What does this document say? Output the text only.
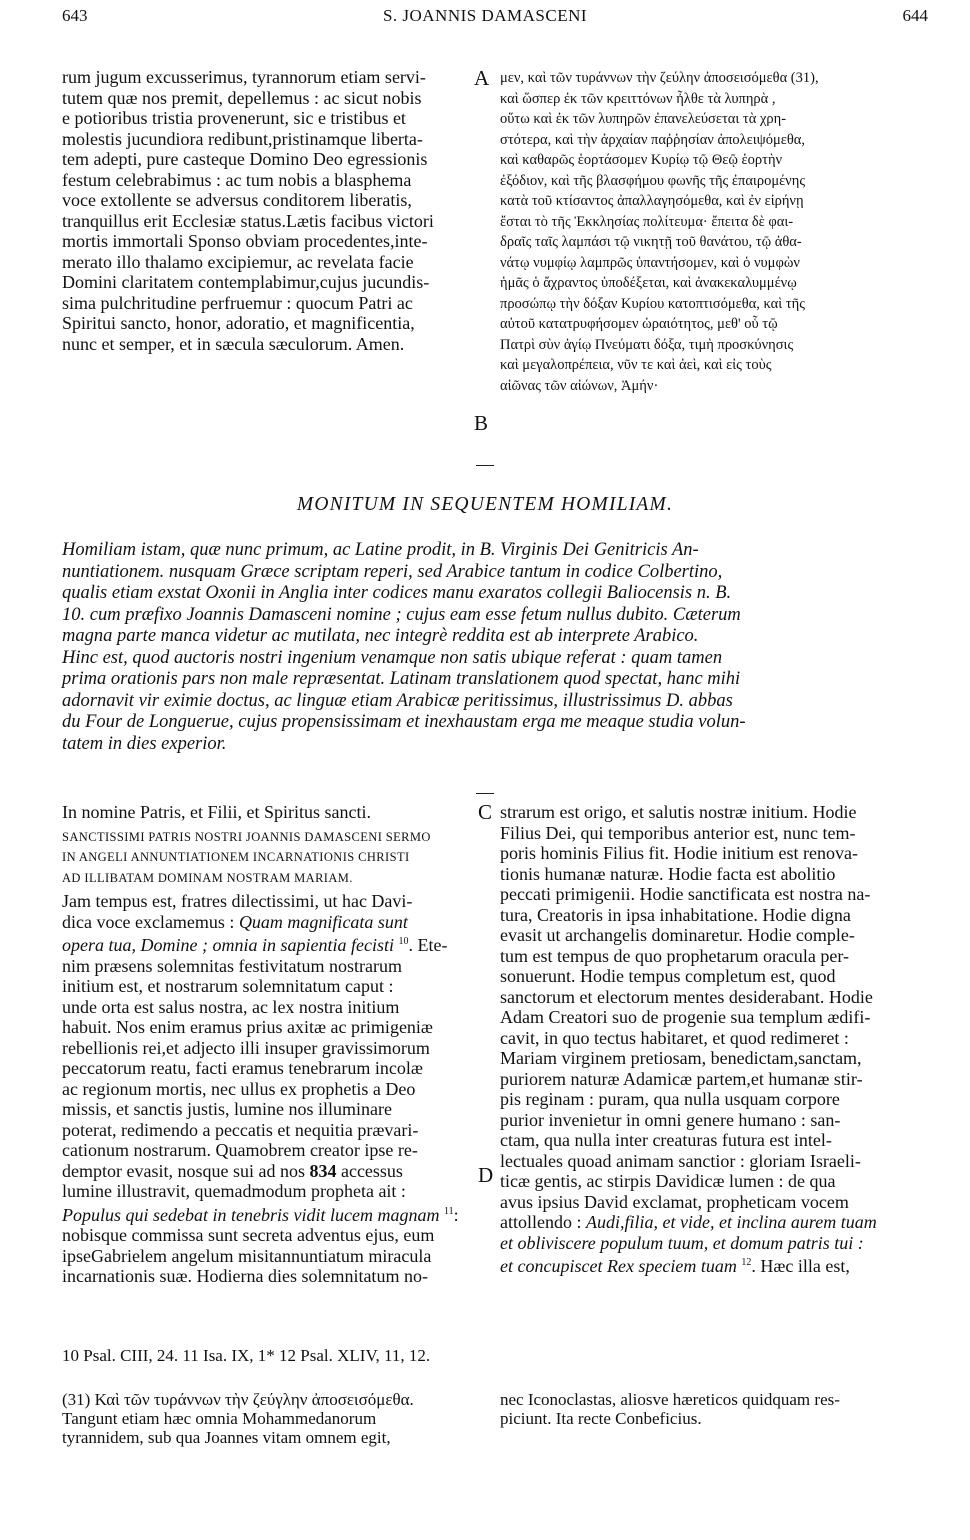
643	S. JOANNIS DAMASCENI	644
rum jugum excusserimus, tyrannorum etiam servi-
tutem quæ nos premit, depellemus : ac sicut nobis
e potioribus tristia provenerunt, sic e tristibus et
molestis jucundiora redibunt,pristinamque liberta-
tem adepti, pure casteque Domino Deo egressionis
festum celebrabimus : ac tum nobis a blasphema
voce extollente se adversus conditorem liberatis,
tranquillus erit Ecclesiæ status.Lætis facibus victori
mortis immortali Sponso obviam procedentes,inte-
merato illo thalamo excipiemur, ac revelata facie
Domini claritatem contemplabimur,cujus jucundis-
sima pulchritudine perfruemur : quocum Patri ac
Spiritui sancto, honor, adoratio, et magnificentia,
nunc et semper, et in sæcula sæculorum. Amen.
A μεν, καὶ τῶν τυράννων τὴν ζεύλην ἀποσεισόμεθα (31),
καὶ ὥσπερ ἐκ τῶν κρειττόνων ἦλθε τὰ λυπηρὰ ,
οὕτω καὶ ἐκ τῶν λυπηρῶν ἐπανελεύσεται τὰ χρη-
στότερα, καὶ τὴν ἀρχαίαν παῤῥησίαν ἀπολειψόμεθα,
καὶ καθαρῶς ἑορτάσομεν Κυρίῳ τῷ Θεῷ ἑορτὴν
ἐξόδιον, καὶ τῆς βλασφήμου φωνῆς τῆς ἐπαιρομένης
κατὰ τοῦ κτίσαντος ἀπαλλαγησόμεθα, καὶ ἐν εἰρήνῃ
ἔσται τὸ τῆς Ἐκκλησίας πολίτευμα· ἔπειτα δὲ φαι-
δραῖς ταῖς λαμπάσι τῷ νικητῇ τοῦ θανάτου, τῷ ἀθα-
νάτῳ νυμφίῳ λαμπρῶς ὑπαντήσομεν, καὶ ὁ νυμφὼν
ἡμᾶς ὁ ἄχραντος ὑποδέξεται, καὶ ἀνακεκαλυμμένῳ
προσώπῳ τὴν δόξαν Κυρίου κατοπτισόμεθα, καὶ τῆς
αὐτοῦ κατατρυφήσομεν ὡραιότητος, μεθ' οὗ τῷ
Πατρὶ σὺν ἁγίῳ Πνεύματι δόξα, τιμὴ προσκύνησις
καὶ μεγαλοπρέπεια, νῦν τε καὶ ἀεὶ, καὶ εἰς τοὺς
αἰῶνας τῶν αἰώνων, Ἀμήν·
B
MONITUM IN SEQUENTEM HOMILIAM.
Homiliam istam, quæ nunc primum, ac Latine prodit, in B. Virginis Dei Genitricis An-
nuntiationem. nusquam Græce scriptam reperi, sed Arabice tantum in codice Colbertino,
qualis etiam exstat Oxonii in Anglia inter codices manu exaratos collegii Baliocensis n. B.
10. cum præfixo Joannis Damasceni nomine ; cujus eam esse fetum nullus dubito. Cæterum
magna parte manca videtur ac mutilata, nec integrè reddita est ab interprete Arabico.
Hinc est, quod auctoris nostri ingenium venamque non satis ubique referat : quam tamen
prima orationis pars non male repræsentat. Latinam translationem quod spectat, hanc mihi
adornavit vir eximie doctus, ac linguæ etiam Arabicæ peritissimus, illustrissimus D. abbas
du Four de Longuerue, cujus propensissimam et inexhaustam erga me meaque studia volun-
tatem in dies experior.
In nomine Patris, et Filii, et Spiritus sancti.
SANCTISSIMI PATRIS NOSTRI JOANNIS DAMASCENI SERMO
IN ANGELI ANNUNTIATIONEM INCARNATIONIS CHRISTI
AD ILLIBATAM DOMINAM NOSTRAM MARIAM.
Jam tempus est, fratres dilectissimi, ut hac Davi-
dica voce exclamemus : Quam magnificata sunt
opera tua, Domine ; omnia in sapientia fecisti $^{10}$. Ete-
nim præsens solemnitas festivitatum nostrarum
initium est, et nostrarum solemnitatum caput :
unde orta est salus nostra, ac lex nostra initium
habuit. Nos enim eramus prius axitæ ac primigeniæ
rebellionis rei,et adjecto illi insuper gravissimorum
peccatorum reatu, facti eramus tenebrarum incolæ
ac regionum mortis, nec ullus ex prophetis a Deo
missis, et sanctis justis, lumine nos illuminare
poterat, redimendo a peccatis et nequitia prævari-
cationum nostrarum. Quamobrem creator ipse re-
demptor evasit, nosque sui ad nos 834 accessus
lumine illustravit, quemadmodum propheta ait :
Populus qui sedebat in tenebris vidit lucem magnam $^{11}$:
nobisque commissa sunt secreta adventus ejus, eum
ipseGabrielem angelum misitannuntiatum miracula
incarnationis suæ. Hodierna dies solemnitatum no-
C
D
strarum est origo, et salutis nostræ initium. Hodie
Filius Dei, qui temporibus anterior est, nunc tem-
poris hominis Filius fit. Hodie initium est renova-
tionis humanæ naturæ. Hodie facta est abolitio
peccati primigenii. Hodie sanctificata est nostra na-
tura, Creatoris in ipsa inhabitatione. Hodie digna
evasit ut archangelis dominaretur. Hodie comple-
tum est tempus de quo prophetarum oracula per-
sonuerunt. Hodie tempus completum est, quod
sanctorum et electorum mentes desiderabant. Hodie
Adam Creatori suo de progenie sua templum ædifi-
cavit, in quo tectus habitaret, et quod redimeret :
Mariam virginem pretiosam, benedictam,sanctam,
puriorem naturæ Adamicæ partem,et humanæ stir-
pis reginam : puram, qua nulla usquam corpore
purior invenietur in omni genere humano : san-
ctam, qua nulla inter creaturas futura est intel-
lectuales quoad animam sanctior : gloriam Israeli-
ticæ gentis, ac stirpis Davidicæ lumen : de qua
avus ipsius David exclamat, propheticam vocem
attollendo : Audi,filia, et vide, et inclina aurem tuam
et obliviscere populum tuum, et domum patris tui :
et concupiscet Rex speciem tuam $^{12}$. Hæc illa est,
10 Psal. CIII, 24. 11 Isa. IX, 1* 12 Psal. XLIV, 11, 12.
(31) Καὶ τῶν τυράννων τὴν ζεύγλην ἀποσεισόμεθα.
Tangunt etiam hæc omnia Mohammedanorum
tyrannidem, sub qua Joannes vitam omnem egit,
nec Iconoclastas, aliosve hæreticos quidquam res-
piciunt. Ita recte Conbeficius.
